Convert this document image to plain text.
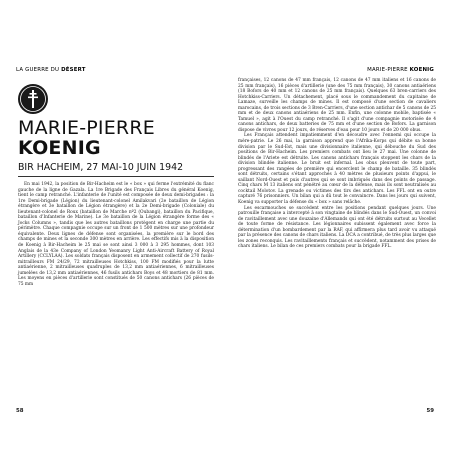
LA GUERRE DU DÉSERT
MARIE-PIERRE
KOENIG
BIR HACHEIM, 27 MAI-10 JUIN 1942

En mai 1942, la position de Bir-Hacheim est le « box » qui ferme l'extrémité du flanc gauche de la ligne de Gazala. La 1re Brigade des Français Libres du général Koenig, tient le camp retranché. L'infanterie de l'unité est composée de deux demi-brigades : la 1re Demi-brigade (Légion) du lieutenant-colonel Amilakvari (2e bataillon de Légion étrangère et 3e bataillon de Légion étrangère) et la 2e Demi-brigade (Coloniale) du lieutenant-colonel de Roux (bataillon de Marche nº2 (Oubangi), bataillon du Pacifique, bataillon d'Infanterie de Marine). Le 3e bataillon de la Légion étrangère forme des « Jocks Columns », tandis que les autres bataillons protègent en charge une partie du périmètre. Chaque compagnie occupe sur un front de 1 500 mètres sur une profondeur équivalente. Deux lignes de défense sont organisées, la première sur le bord des champs de mines et la seconde 300 mètres en arrière. Les effectifs mis à la disposition de Koenig à Bir-Hacheim le 25 mai se sont ainsi 3 000 à 3 295 hommes, dont 103 Anglais de la 43e Company of London Yeomanry Light Anti-Aircraft Battery of Royal Artillery (CCLYLAA). Les soldats français disposent en armement collectif de 270 fusils-mitrailleurs FM 24/29, 72 mitrailleuses Hotchkiss, 100 FM modifiés pour la lutte antiaérienne, 2 mitrailleuses quadruples de 13,2 mm antiaériennes, 6 mitrailleuses jumelées de 13,2 mm antiaériennes, 46 fusils antichars Boys et 48 mortiers de 81 mm. Les moyens en pièces d'artillerie sont constitués de 50 canons antichars (26 pièces de 75 mm

58
MARIE-PIERRE KOENIG

françaises, 12 canons de 47 mm français, 12 canons de 47 mm italiens et 16 canons de 25 mm français), 16 pièces d'artillerie (une des 75 mm français), 30 canons antiaériens (18 Bofors de 40 mm et 12 canons de 25 mm français). Quelques 63 bren-carriers des Hotchkiss-Carriers. Un détachement, placé sous le commandement du capitaine de Lamaze, surveille les champs de mines. Il est composé d'une section de cavaliers marocains, de trois sections de 3 Bren-Carriers, d'une section antichar de 5 canons de 25 mm et de deux canons antiaériens de 25 mm. Enfin, une colonne mobile, baptisée « Tamuel », agit à l'Ouest du camp retranché. Il s'agit d'une compagnie motorisée de 4 canons antichars, de deux batteries de 75 mm et d'une section de Bofors. La garnison dispose de vivres pour 12 jours, de réserves d'eau pour 10 jours et de 20 000 obus.

Les Français attendent impatiemment d'en découdre avec l'ennemi qui occupe la mère-patrie. Le 26 mai, la garnison apprend que l'Afrika-Korps qui débite sa bonne division par le Sud-Est, mais une divisionnaire italienne, qui débouche du Sud des positions de Bir-Hacheim. Les premiers combats ont lieu le 27 mai. Une colonne de blindés de l'Ariete est détruite. Les canons antichars français stoppent les chars de la division blindée italienne. Le bruit est infernal. Les obus pleuvent de toute part, progressant des rangées de première qui encerclent le champ de bataille. 35 blindés sont détruits, certains s'étant approchés à 40 mètres de plusieurs points d'appui, le saillant Nord-Ouest et puis d'autres qui se sont imbriqués dans des points de passage. Cinq chars M 13 italiens ont pénétré au cœur de la défense, mais ils sont neutralisés au cocktail Molotov. La grenade ou victimes des tirs des antichars. Les FFL ont en outre capturé 76 prisonniers. Un bilan qui a dû tout le convaincre. Dans les jours qui suivent, Koenig va supporter la défense du « box » sans relâche.

Les escarmouches se succèdent entre les positions pendant quelques jours. Une patrouille française a intercepté à son vingtaine de blindés dans le Sud-Ouest, un convoi de ravitaillement avec une douzaine d'Allemands qui ont été détruits surtout au Vecellet de toute forme de résistance. Les légionnaires subissent également avec force la détermination d'un bombardement par la RAF, qui affirmera plus tard avoir vu attaqué par la présence des canons de chars italiens. La DCA a contribué, de très plus larges que les zones reconquis. Les ravitaillements français et succèdent, notamment des prises de chars italiens. Le bilan de ces premiers combats pour la brigade FFL.

59
